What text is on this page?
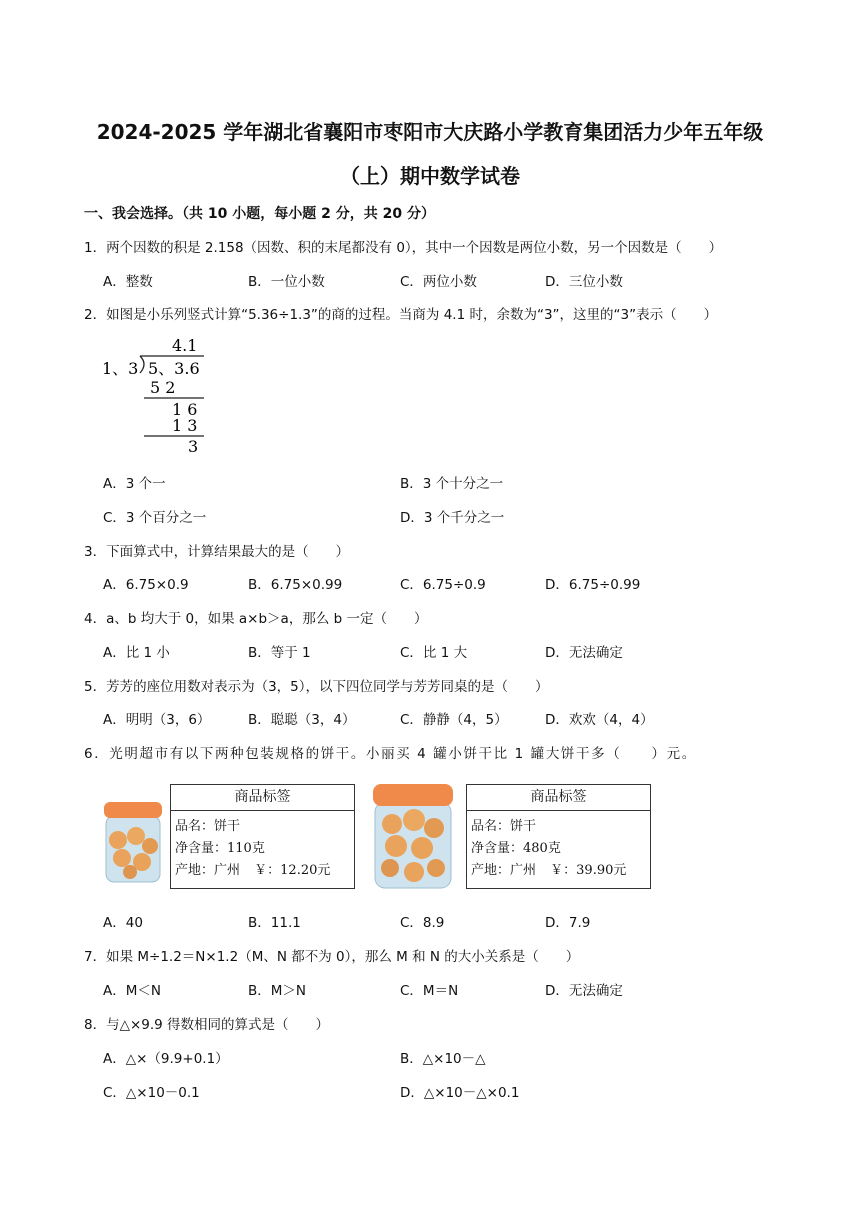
2024-2025 学年湖北省襄阳市枣阳市大庆路小学教育集团活力少年五年级
（上）期中数学试卷
一、我会选择。（共 10 小题，每小题 2 分，共 20 分）
1．两个因数的积是 2.158（因数、积的末尾都没有 0），其中一个因数是两位小数，另一个因数是（　　）
A．整数	B．一位小数	C．两位小数	D．三位小数
2．如图是小乐列竖式计算“5.36÷1.3”的商的过程。当商为 4.1 时，余数为“3”，这里的“3”表示（　　）
4.1
1、3 5、3.6
5 2
1 6
1 3
3
A．3 个一	B．3 个十分之一
C．3 个百分之一	D．3 个千分之一
3．下面算式中，计算结果最大的是（　　）
A．6.75×0.9	B．6.75×0.99	C．6.75÷0.9	D．6.75÷0.99
4．a、b 均大于 0，如果 a×b＞a，那么 b 一定（　　）
A．比 1 小	B．等于 1	C．比 1 大	D．无法确定
5．芳芳的座位用数对表示为（3，5），以下四位同学与芳芳同桌的是（　　）
A．明明（3，6）	B．聪聪（3，4）	C．静静（4，5）	D．欢欢（4，4）
6．光明超市有以下两种包装规格的饼干。小丽买 4 罐小饼干比 1 罐大饼干多（　　）元。
商品标签
品名：饼干
净含量：110克
产地：广州 ￥：12.20元
商品标签
品名：饼干
净含量：480克
产地：广州 ￥：39.90元
A．40	B．11.1	C．8.9	D．7.9
7．如果 M÷1.2＝N×1.2（M、N 都不为 0），那么 M 和 N 的大小关系是（　　）
A．M＜N	B．M＞N	C．M＝N	D．无法确定
8．与△×9.9 得数相同的算式是（　　）
A．△×（9.9+0.1）	B．△×10－△
C．△×10－0.1	D．△×10－△×0.1
